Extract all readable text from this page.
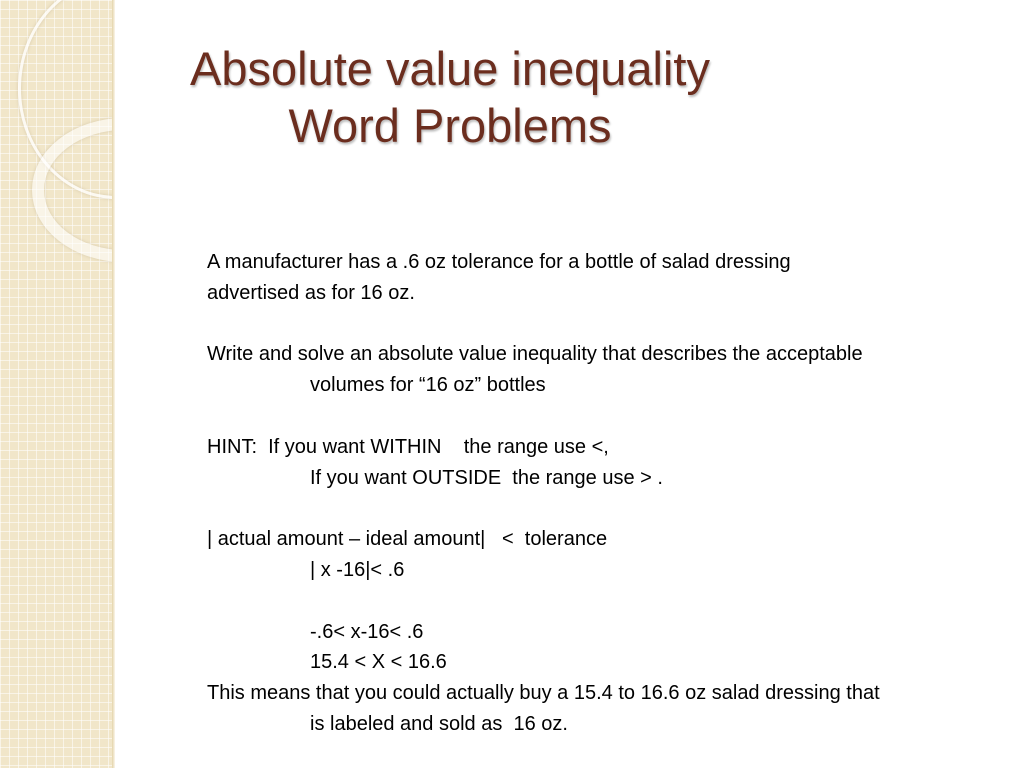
Absolute value inequality
Word Problems
A manufacturer has a .6 oz tolerance for a bottle of salad dressing
advertised as for 16 oz.
Write and solve an absolute value inequality that describes the acceptable
volumes for “16 oz” bottles
HINT:  If you want WITHIN    the range use <,
If you want OUTSIDE  the range use > .
| actual amount – ideal amount|   <  tolerance
| x -16|< .6
-.6< x-16< .6
15.4 < X < 16.6
This means that you could actually buy a 15.4 to 16.6 oz salad dressing that
is labeled and sold as  16 oz.
